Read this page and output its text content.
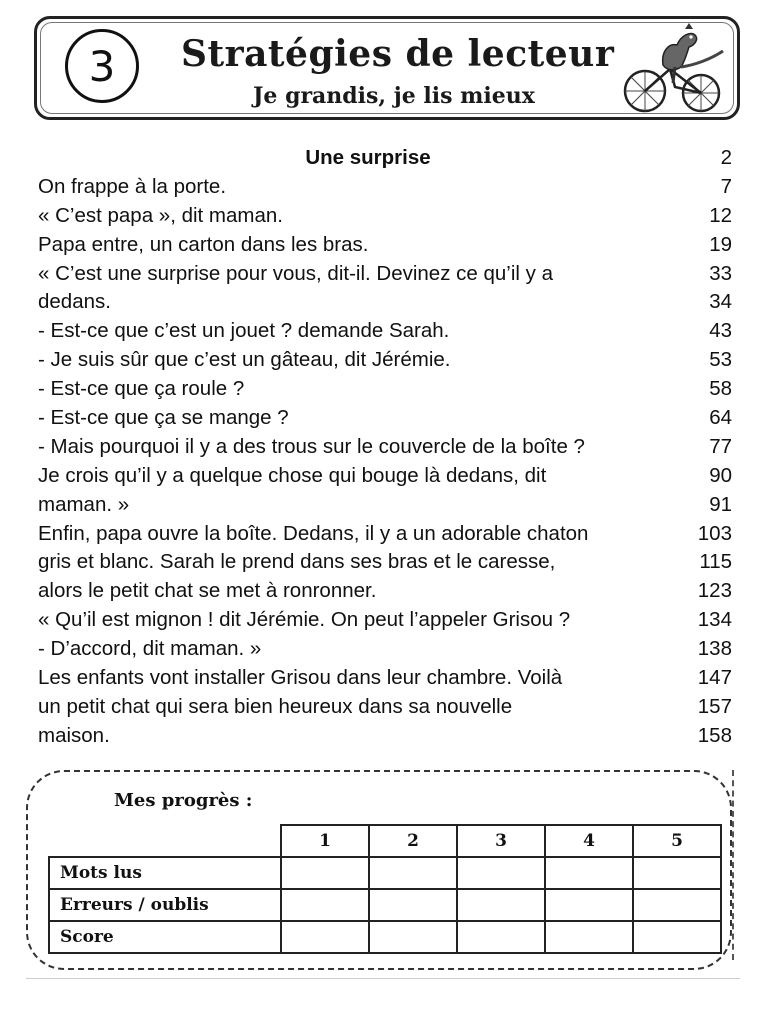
3	Stratégies de lecteur
Je grandis, je lis mieux
Une surprise	2
On frappe à la porte.	7
« C’est papa », dit maman.	12
Papa entre, un carton dans les bras.	19
« C’est une surprise pour vous, dit-il. Devinez ce qu’il y a	33
dedans.	34
- Est-ce que c’est un jouet ? demande Sarah.	43
- Je suis sûr que c’est un gâteau, dit Jérémie.	53
- Est-ce que ça roule ?	58
- Est-ce que ça se mange ?	64
- Mais pourquoi il y a des trous sur le couvercle de la boîte ?	77
Je crois qu’il y a quelque chose qui bouge là dedans, dit	90
maman. »	91
Enfin, papa ouvre la boîte. Dedans, il y a un adorable chaton	103
gris et blanc. Sarah le prend dans ses bras et le caresse,	115
alors le petit chat se met à ronronner.	123
« Qu’il est mignon ! dit Jérémie. On peut l’appeler Grisou ?	134
- D’accord, dit maman. »	138
Les enfants vont installer Grisou dans leur chambre. Voilà	147
un petit chat qui sera bien heureux dans sa nouvelle	157
maison.	158
Mes progrès :
	1	2	3	4	5
Mots lus					
Erreurs / oublis					
Score					
